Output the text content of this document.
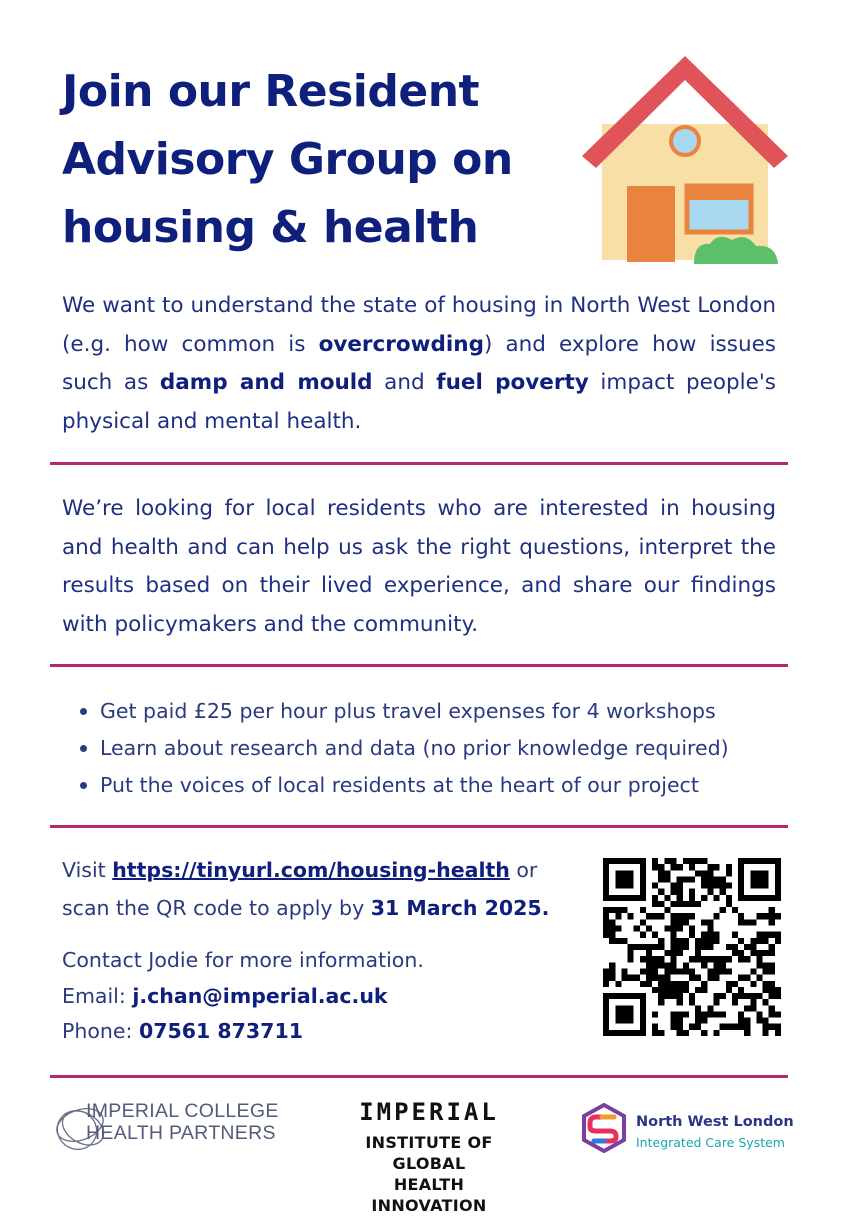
Join our Resident Advisory Group on housing & health

We want to understand the state of housing in North West London (e.g. how common is overcrowding) and explore how issues such as damp and mould and fuel poverty impact people's physical and mental health.

We’re looking for local residents who are interested in housing and health and can help us ask the right questions, interpret the results based on their lived experience, and share our findings with policymakers and the community.

Get paid £25 per hour plus travel expenses for 4 workshops
Learn about research and data (no prior knowledge required)
Put the voices of local residents at the heart of our project
Visit https://tinyurl.com/housing-health or
scan the QR code to apply by 31 March 2025.
Contact Jodie for more information.
Email: j.chan@imperial.ac.uk
Phone: 07561 873711
IMPERIAL COLLEGE
HEALTH PARTNERS
IMPERIAL
INSTITUTE OF GLOBAL
HEALTH INNOVATION
North West London
Integrated Care System
